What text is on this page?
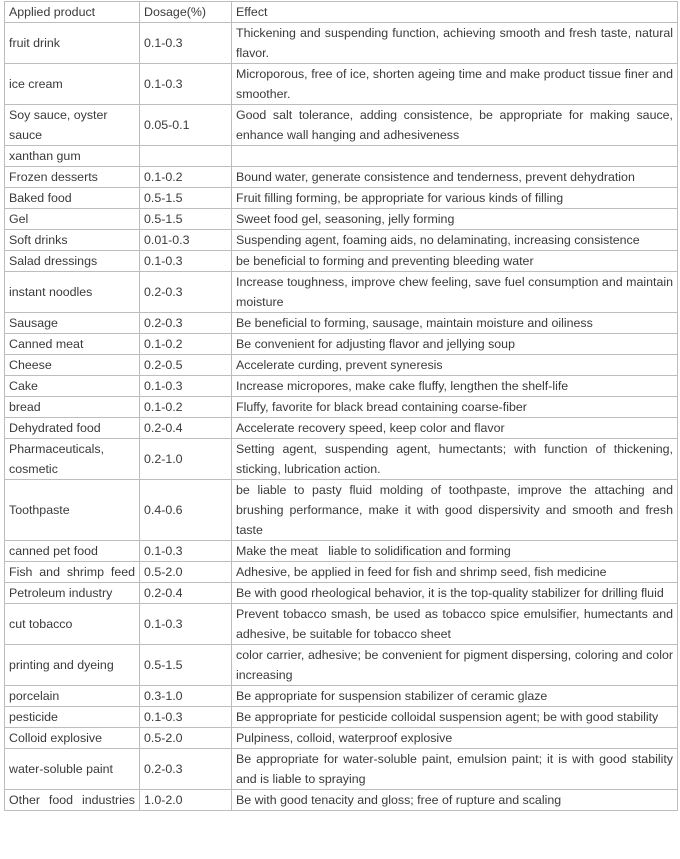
Applied product	Dosage(%)	Effect
fruit drink	0.1-0.3	Thickening and suspending function, achieving smooth and fresh taste, natural flavor.
ice cream	0.1-0.3	Microporous, free of ice, shorten ageing time and make product tissue finer and smoother.
Soy sauce, oyster sauce	0.05-0.1	Good salt tolerance, adding consistence, be appropriate for making sauce, enhance wall hanging and adhesiveness
xanthan gum		
Frozen desserts	0.1-0.2	Bound water, generate consistence and tenderness, prevent dehydration
Baked food	0.5-1.5	Fruit filling forming, be appropriate for various kinds of filling
Gel	0.5-1.5	Sweet food gel, seasoning, jelly forming
Soft drinks	0.01-0.3	Suspending agent, foaming aids, no delaminating, increasing consistence
Salad dressings	0.1-0.3	be beneficial to forming and preventing bleeding water
instant noodles	0.2-0.3	Increase toughness, improve chew feeling, save fuel consumption and maintain moisture
Sausage	0.2-0.3	Be beneficial to forming, sausage, maintain moisture and oiliness
Canned meat	0.1-0.2	Be convenient for adjusting flavor and jellying soup
Cheese	0.2-0.5	Accelerate curding, prevent syneresis
Cake	0.1-0.3	Increase micropores, make cake fluffy, lengthen the shelf-life
bread	0.1-0.2	Fluffy, favorite for black bread containing coarse-fiber
Dehydrated food	0.2-0.4	Accelerate recovery speed, keep color and flavor
Pharmaceuticals, cosmetic	0.2-1.0	Setting agent, suspending agent, humectants; with function of thickening, sticking, lubrication action.
Toothpaste	0.4-0.6	be liable to pasty fluid molding of toothpaste, improve the attaching and brushing performance, make it with good dispersivity and smooth and fresh taste
canned pet food	0.1-0.3	Make the meat   liable to solidification and forming
Fish and shrimp feed	0.5-2.0	Adhesive, be applied in feed for fish and shrimp seed, fish medicine
Petroleum industry	0.2-0.4	Be with good rheological behavior, it is the top-quality stabilizer for drilling fluid
cut tobacco	0.1-0.3	Prevent tobacco smash, be used as tobacco spice emulsifier, humectants and adhesive, be suitable for tobacco sheet
printing and dyeing	0.5-1.5	color carrier, adhesive; be convenient for pigment dispersing, coloring and color increasing
porcelain	0.3-1.0	Be appropriate for suspension stabilizer of ceramic glaze
pesticide	0.1-0.3	Be appropriate for pesticide colloidal suspension agent; be with good stability
Colloid explosive	0.5-2.0	Pulpiness, colloid, waterproof explosive
water-soluble paint	0.2-0.3	Be appropriate for water-soluble paint, emulsion paint; it is with good stability and is liable to spraying
Other food industries	1.0-2.0	Be with good tenacity and gloss; free of rupture and scaling
